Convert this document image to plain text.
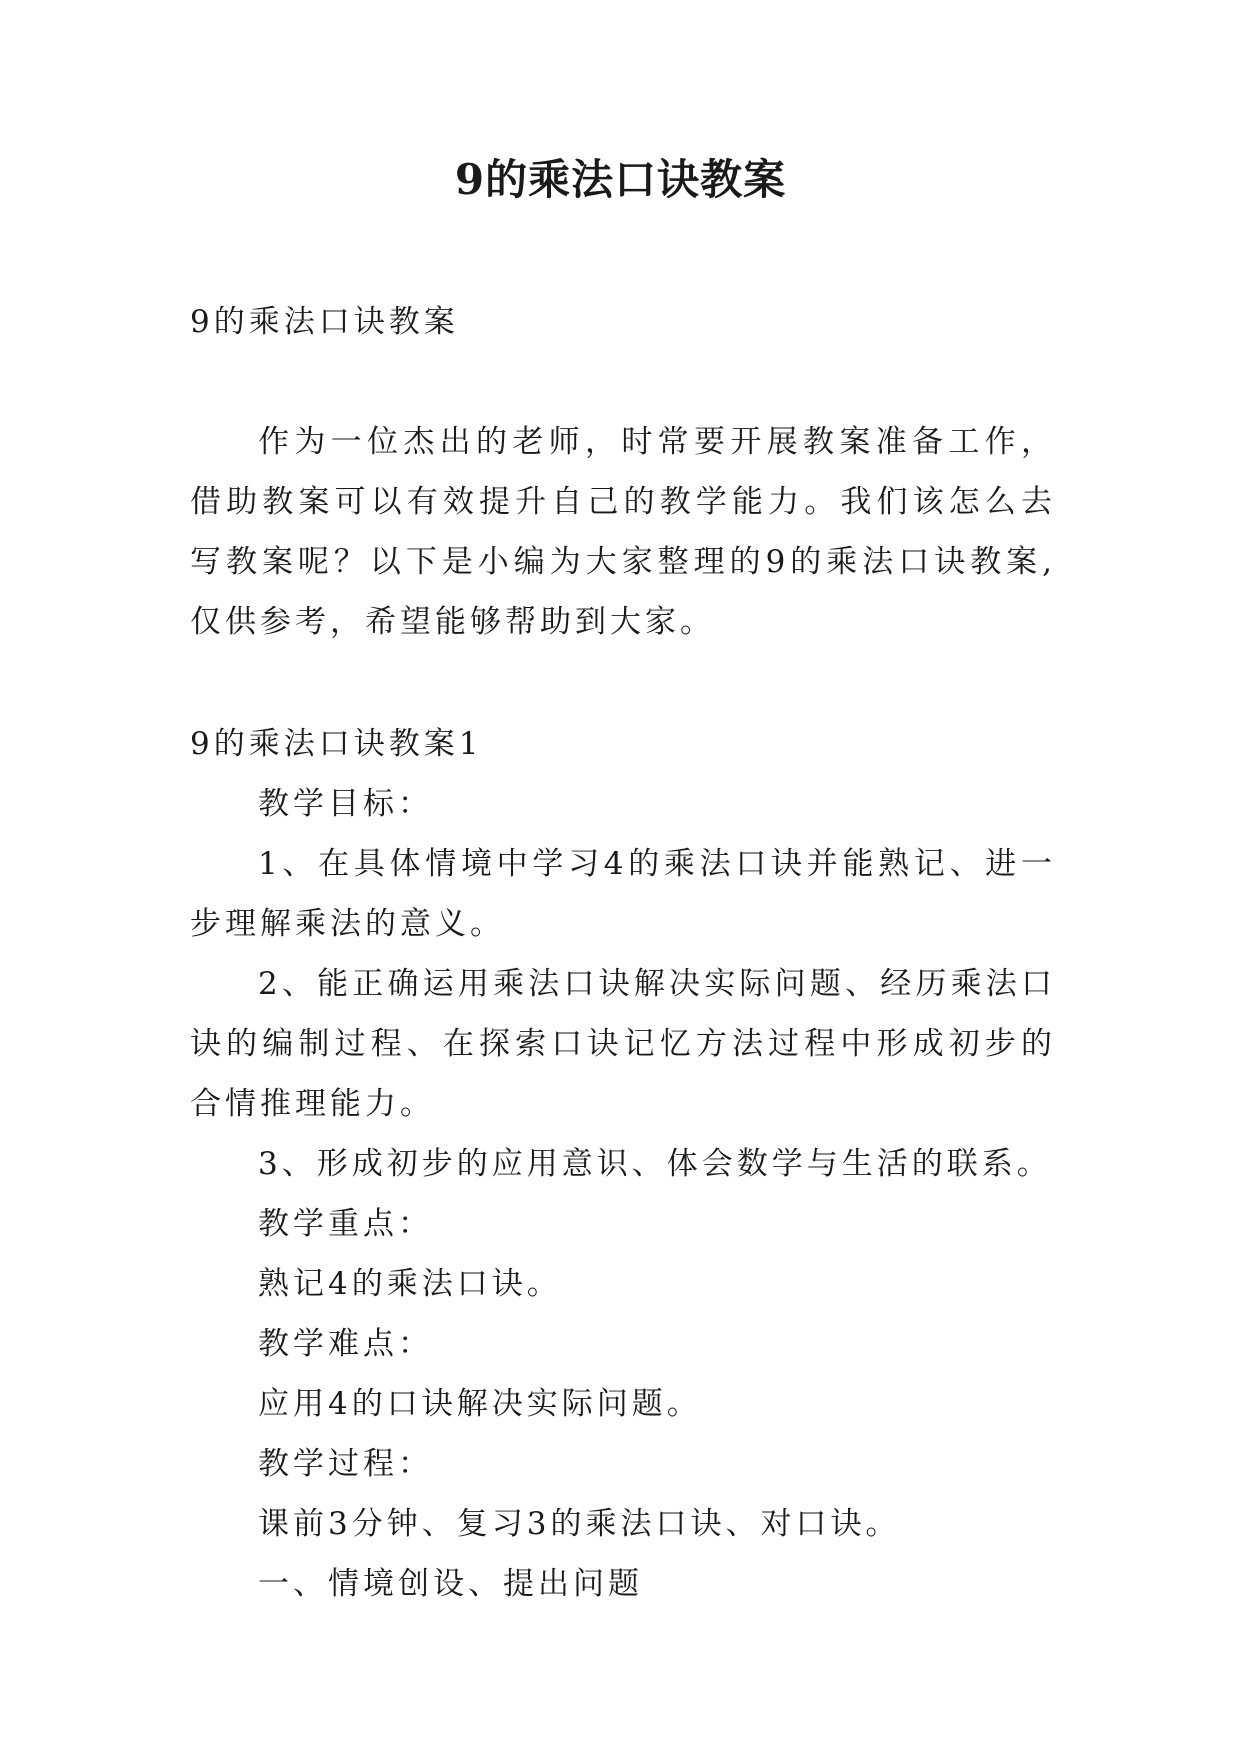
9的乘法口诀教案

9的乘法口诀教案

作为一位杰出的老师，时常要开展教案准备工作，借助教案可以有效提升自己的教学能力。我们该怎么去写教案呢？以下是小编为大家整理的9的乘法口诀教案,仅供参考，希望能够帮助到大家。

9的乘法口诀教案1

教学目标：

1、在具体情境中学习4的乘法口诀并能熟记、进一步理解乘法的意义。

2、能正确运用乘法口诀解决实际问题、经历乘法口诀的编制过程、在探索口诀记忆方法过程中形成初步的合情推理能力。

3、形成初步的应用意识、体会数学与生活的联系。

教学重点：

熟记4的乘法口诀。

教学难点：

应用4的口诀解决实际问题。

教学过程：

课前3分钟、复习3的乘法口诀、对口诀。

一、情境创设、提出问题
